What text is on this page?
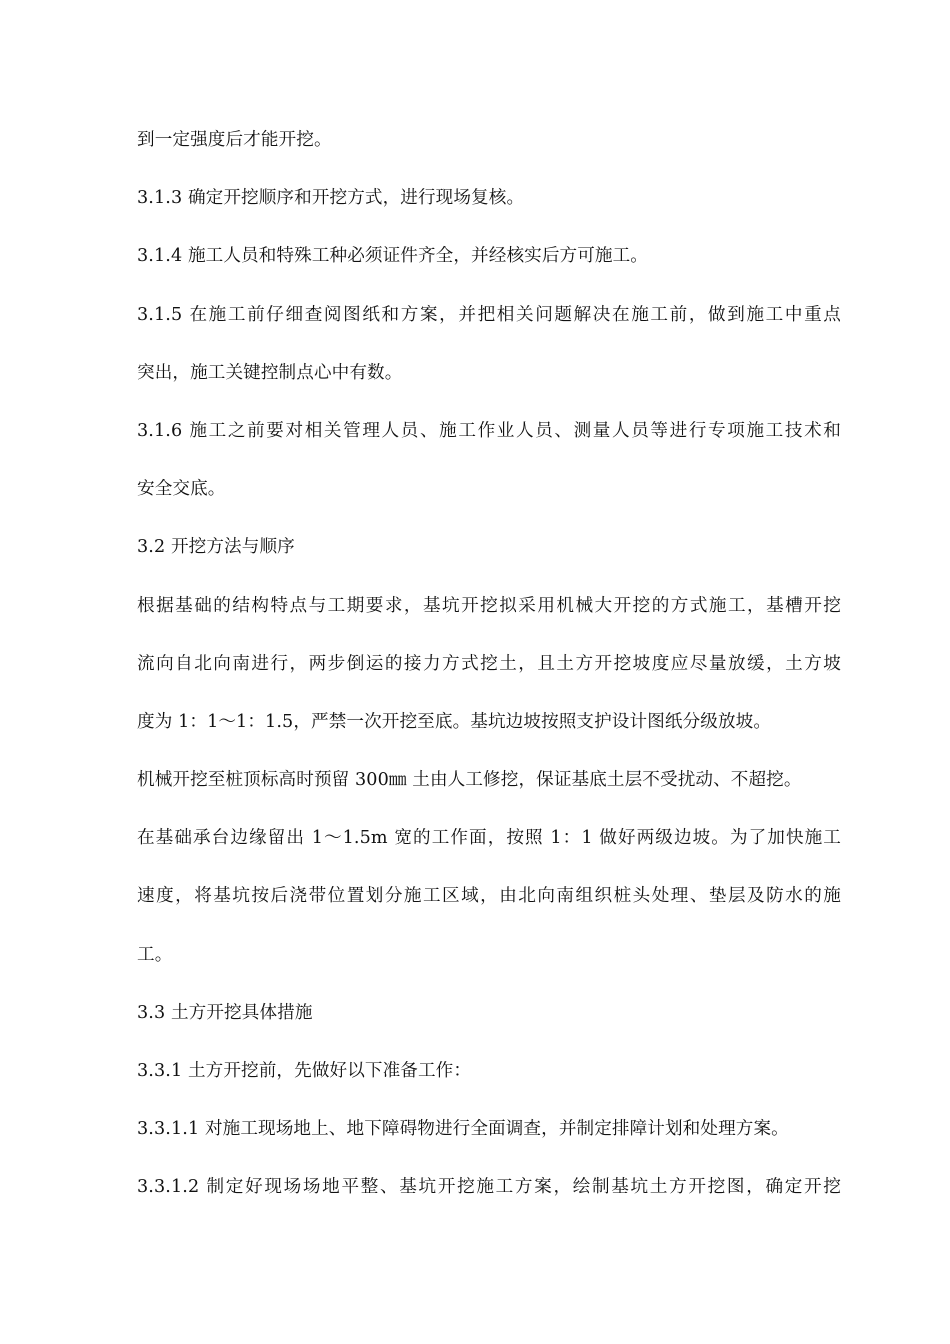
到一定强度后才能开挖。
3.1.3 确定开挖顺序和开挖方式，进行现场复核。
3.1.4 施工人员和特殊工种必须证件齐全，并经核实后方可施工。
3.1.5 在施工前仔细查阅图纸和方案，并把相关问题解决在施工前，做到施工中重点
突出，施工关键控制点心中有数。
3.1.6 施工之前要对相关管理人员、施工作业人员、测量人员等进行专项施工技术和
安全交底。
3.2 开挖方法与顺序
根据基础的结构特点与工期要求，基坑开挖拟采用机械大开挖的方式施工，基槽开挖
流向自北向南进行，两步倒运的接力方式挖土，且土方开挖坡度应尽量放缓，土方坡
度为 1：1～1：1.5，严禁一次开挖至底。基坑边坡按照支护设计图纸分级放坡。
机械开挖至桩顶标高时预留 300㎜ 土由人工修挖，保证基底土层不受扰动、不超挖。
在基础承台边缘留出 1～1.5m 宽的工作面，按照 1：1 做好两级边坡。为了加快施工
速度，将基坑按后浇带位置划分施工区域，由北向南组织桩头处理、垫层及防水的施
工。
3.3 土方开挖具体措施
3.3.1 土方开挖前，先做好以下准备工作：
3.3.1.1 对施工现场地上、地下障碍物进行全面调查，并制定排障计划和处理方案。
3.3.1.2 制定好现场场地平整、基坑开挖施工方案，绘制基坑土方开挖图，确定开挖
